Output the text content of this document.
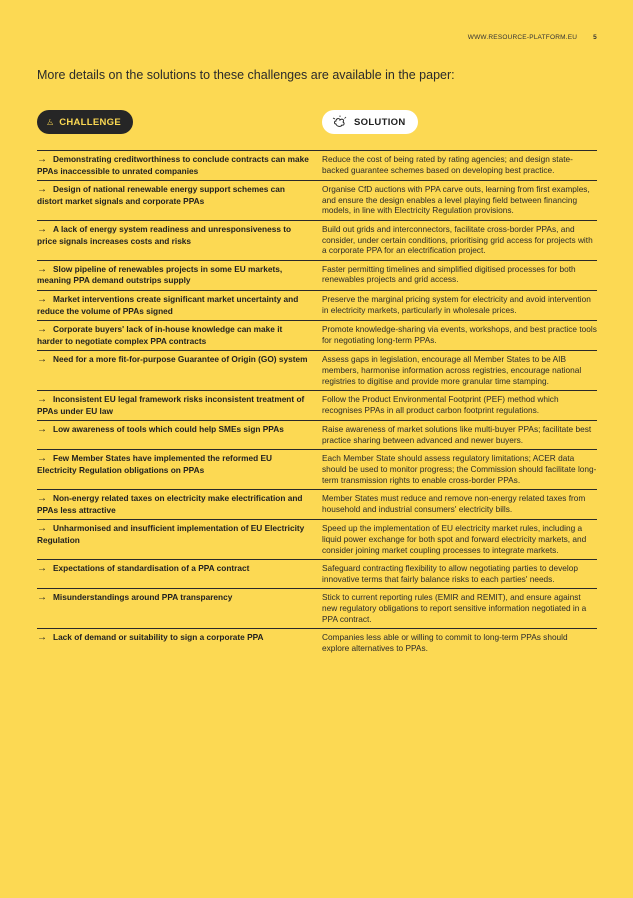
WWW.RESOURCE-PLATFORM.EU 5
More details on the solutions to these challenges are available in the paper:
CHALLENGE	SOLUTION
→ Demonstrating creditworthiness to conclude contracts can make PPAs inaccessible to unrated companies
Reduce the cost of being rated by rating agencies; and design state-backed guarantee schemes based on developing best practice.
→ Design of national renewable energy support schemes can distort market signals and corporate PPAs
Organise CfD auctions with PPA carve outs, learning from first examples, and ensure the design enables a level playing field between financing models, in line with Electricity Regulation provisions.
→ A lack of energy system readiness and unresponsiveness to price signals increases costs and risks
Build out grids and interconnectors, facilitate cross-border PPAs, and consider, under certain conditions, prioritising grid access for projects with a corporate PPA for an electrification project.
→ Slow pipeline of renewables projects in some EU markets, meaning PPA demand outstrips supply
Faster permitting timelines and simplified digitised processes for both renewables projects and grid access.
→ Market interventions create significant market uncertainty and reduce the volume of PPAs signed
Preserve the marginal pricing system for electricity and avoid intervention in electricity markets, particularly in wholesale prices.
→ Corporate buyers' lack of in-house knowledge can make it harder to negotiate complex PPA contracts
Promote knowledge-sharing via events, workshops, and best practice tools for negotiating long-term PPAs.
→ Need for a more fit-for-purpose Guarantee of Origin (GO) system	Assess gaps in legislation, encourage all Member States to be AIB members, harmonise information across registries, encourage national registries to digitise and provide more granular time stamping.
→ Inconsistent EU legal framework risks inconsistent treatment of PPAs under EU law
Follow the Product Environmental Footprint (PEF) method which recognises PPAs in all product carbon footprint regulations.
→ Low awareness of tools which could help SMEs sign PPAs	Raise awareness of market solutions like multi-buyer PPAs; facilitate best practice sharing between advanced and newer buyers.
→ Few Member States have implemented the reformed EU Electricity Regulation obligations on PPAs
Each Member State should assess regulatory limitations; ACER data should be used to monitor progress; the Commission should facilitate long-term transmission rights to enable cross-border PPAs.
→ Non-energy related taxes on electricity make electrification and PPAs less attractive
Member States must reduce and remove non-energy related taxes from household and industrial consumers' electricity bills.
→ Unharmonised and insufficient implementation of EU Electricity Regulation
Speed up the implementation of EU electricity market rules, including a liquid power exchange for both spot and forward electricity markets, and consider joining market coupling processes to integrate markets.
→ Expectations of standardisation of a PPA contract	Safeguard contracting flexibility to allow negotiating parties to develop innovative terms that fairly balance risks to each parties' needs.
→ Misunderstandings around PPA transparency	Stick to current reporting rules (EMIR and REMIT), and ensure against new regulatory obligations to report sensitive information negotiated in a PPA contract.
→ Lack of demand or suitability to sign a corporate PPA	Companies less able or willing to commit to long-term PPAs should explore alternatives to PPAs.
